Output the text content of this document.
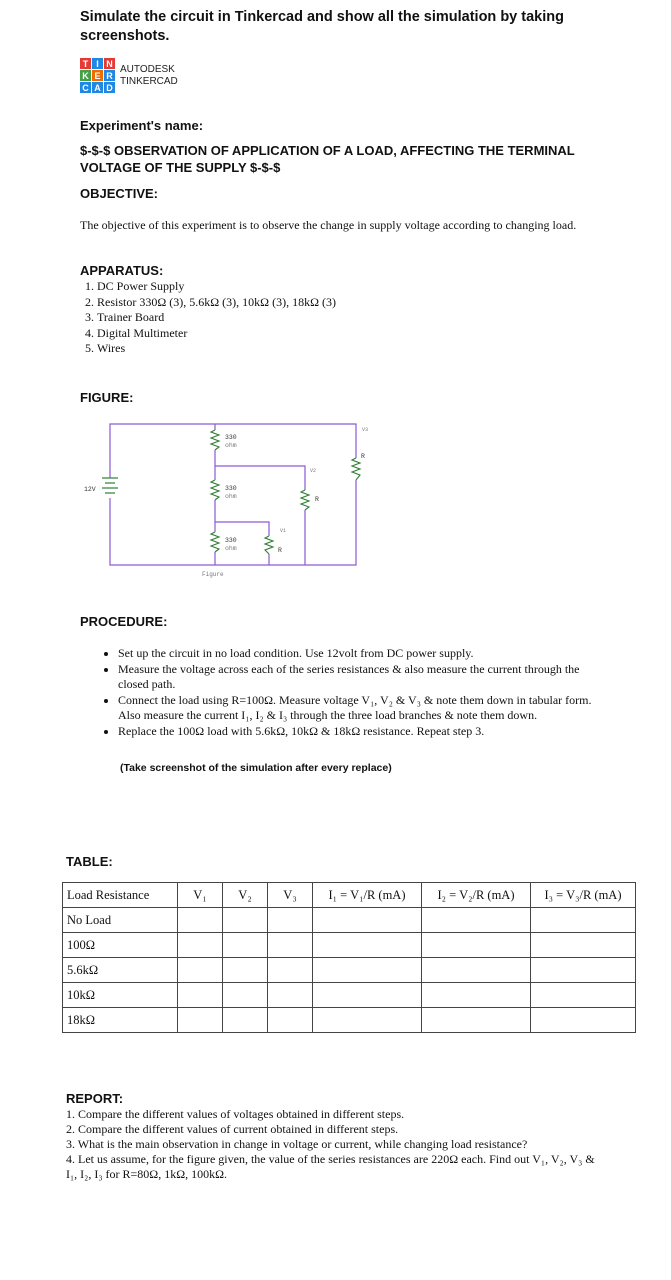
Simulate the circuit in Tinkercad and show all the simulation by taking screenshots.
T I N
K E R
C A D
AUTODESK
TINKERCAD
Experiment's name:
$-$-$ OBSERVATION OF APPLICATION OF A LOAD, AFFECTING THE TERMINAL VOLTAGE OF THE SUPPLY $-$-$
OBJECTIVE:
The objective of this experiment is to observe the change in supply voltage according to changing load.
APPARATUS:
1. DC Power Supply
2. Resistor 330Ω (3), 5.6kΩ (3), 10kΩ (3), 18kΩ (3)
3. Trainer Board
4. Digital Multimeter
5. Wires
FIGURE:
12V
330
ohm
330
ohm
330
ohm	R
R
R
V1
V2
V3
Figure
PROCEDURE:
• Set up the circuit in no load condition. Use 12volt from DC power supply.
• Measure the voltage across each of the series resistances & also measure the current through the closed path.
• Connect the load using R=100Ω. Measure voltage V₁, V₂ & V₃ & note them down in tabular form. Also measure the current I₁, I₂ & I₃ through the three load branches & note them down.
• Replace the 100Ω load with 5.6kΩ, 10kΩ & 18kΩ resistance. Repeat step 3.
(Take screenshot of the simulation after every replace)
TABLE:
Load Resistance	V₁	V₂	V₃	I₁ = V₁/R (mA)	I₂ = V₂/R (mA)	I₃ = V₃/R (mA)
No Load						
100Ω						
5.6kΩ						
10kΩ						
18kΩ						
REPORT:
1. Compare the different values of voltages obtained in different steps.
2. Compare the different values of current obtained in different steps.
3. What is the main observation in change in voltage or current, while changing load resistance?
4. Let us assume, for the figure given, the value of the series resistances are 220Ω each. Find out V₁, V₂, V₃ & I₁, I₂, I₃ for R=80Ω, 1kΩ, 100kΩ.
